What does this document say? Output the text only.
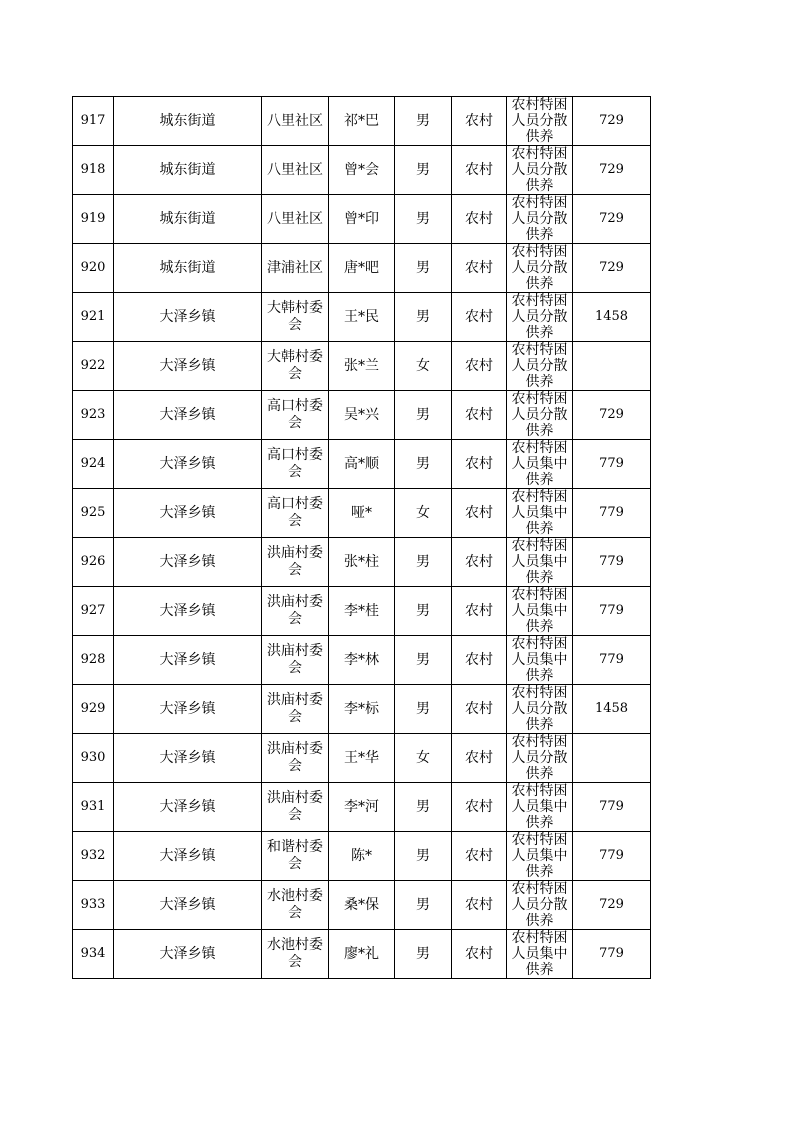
917	城东街道	八里社区	祁*巴	男	农村	农村特困人员分散供养	729

918	城东街道	八里社区	曾*会	男	农村	农村特困人员分散供养	729

919	城东街道	八里社区	曾*印	男	农村	农村特困人员分散供养	729

920	城东街道	津浦社区	唐*吧	男	农村	农村特困人员分散供养	729

921	大泽乡镇	大韩村委会	王*民	男	农村	农村特困人员分散供养	1458

922	大泽乡镇	大韩村委会	张*兰	女	农村	农村特困人员分散供养	

923	大泽乡镇	高口村委会	吴*兴	男	农村	农村特困人员分散供养	729

924	大泽乡镇	高口村委会	高*顺	男	农村	农村特困人员集中供养	779

925	大泽乡镇	高口村委会	哑*	女	农村	农村特困人员集中供养	779

926	大泽乡镇	洪庙村委会	张*柱	男	农村	农村特困人员集中供养	779

927	大泽乡镇	洪庙村委会	李*桂	男	农村	农村特困人员集中供养	779

928	大泽乡镇	洪庙村委会	李*林	男	农村	农村特困人员集中供养	779

929	大泽乡镇	洪庙村委会	李*标	男	农村	农村特困人员分散供养	1458

930	大泽乡镇	洪庙村委会	王*华	女	农村	农村特困人员分散供养	

931	大泽乡镇	洪庙村委会	李*河	男	农村	农村特困人员集中供养	779

932	大泽乡镇	和谐村委会	陈*	男	农村	农村特困人员集中供养	779

933	大泽乡镇	水池村委会	桑*保	男	农村	农村特困人员分散供养	729

934	大泽乡镇	水池村委会	廖*礼	男	农村	农村特困人员集中供养	779
